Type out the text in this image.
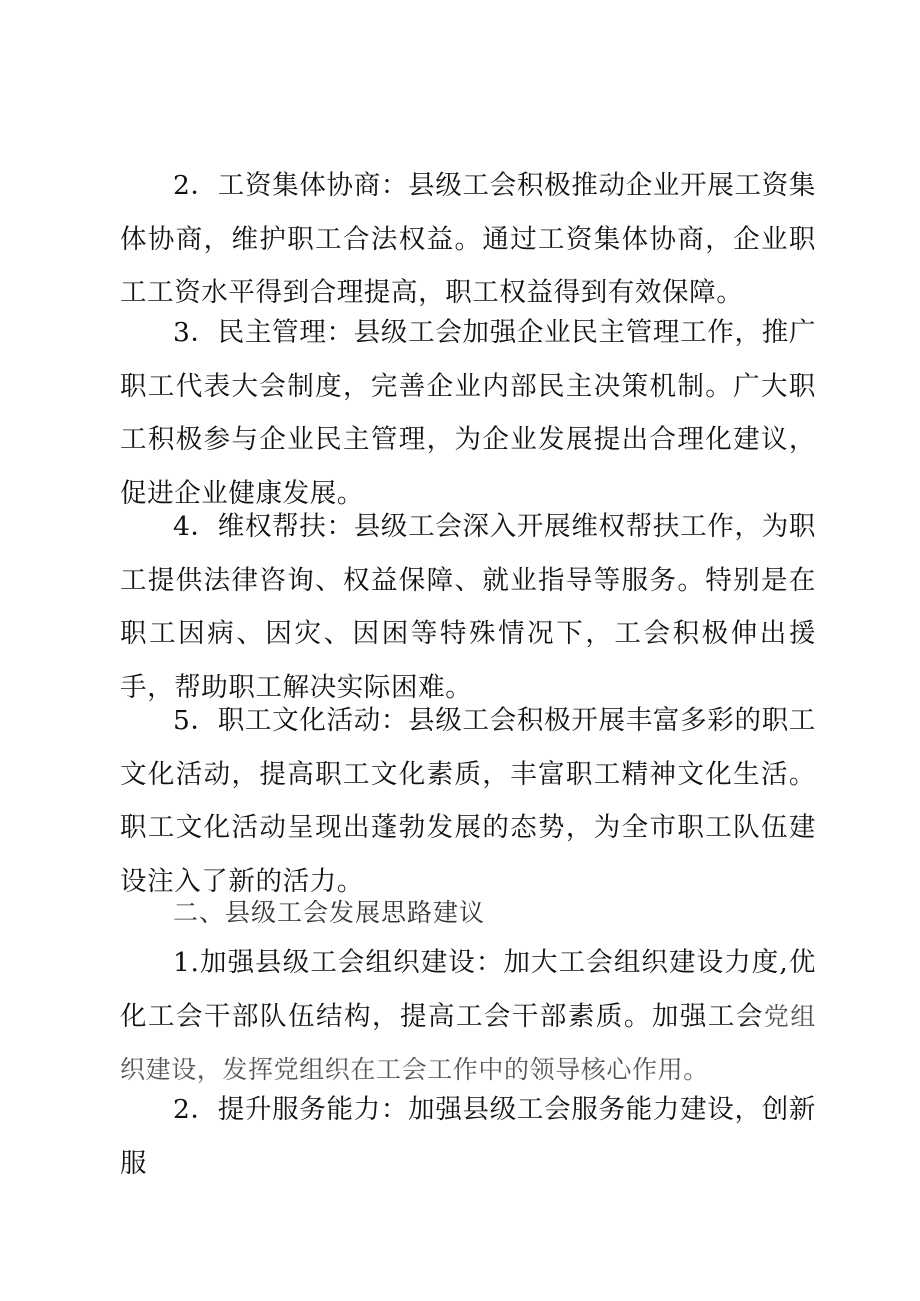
2．工资集体协商：县级工会积极推动企业开展工资集体协商，维护职工合法权益。通过工资集体协商，企业职工工资水平得到合理提高，职工权益得到有效保障。

3．民主管理：县级工会加强企业民主管理工作，推广职工代表大会制度，完善企业内部民主决策机制。广大职工积极参与企业民主管理，为企业发展提出合理化建议，促进企业健康发展。

4．维权帮扶：县级工会深入开展维权帮扶工作，为职工提供法律咨询、权益保障、就业指导等服务。特别是在职工因病、因灾、因困等特殊情况下，工会积极伸出援手，帮助职工解决实际困难。

5．职工文化活动：县级工会积极开展丰富多彩的职工文化活动，提高职工文化素质，丰富职工精神文化生活。职工文化活动呈现出蓬勃发展的态势，为全市职工队伍建设注入了新的活力。

二、县级工会发展思路建议

1.加强县级工会组织建设：加大工会组织建设力度,优化工会干部队伍结构，提高工会干部素质。加强工会党组织建设，发挥党组织在工会工作中的领导核心作用。

2．提升服务能力：加强县级工会服务能力建设，创新服
